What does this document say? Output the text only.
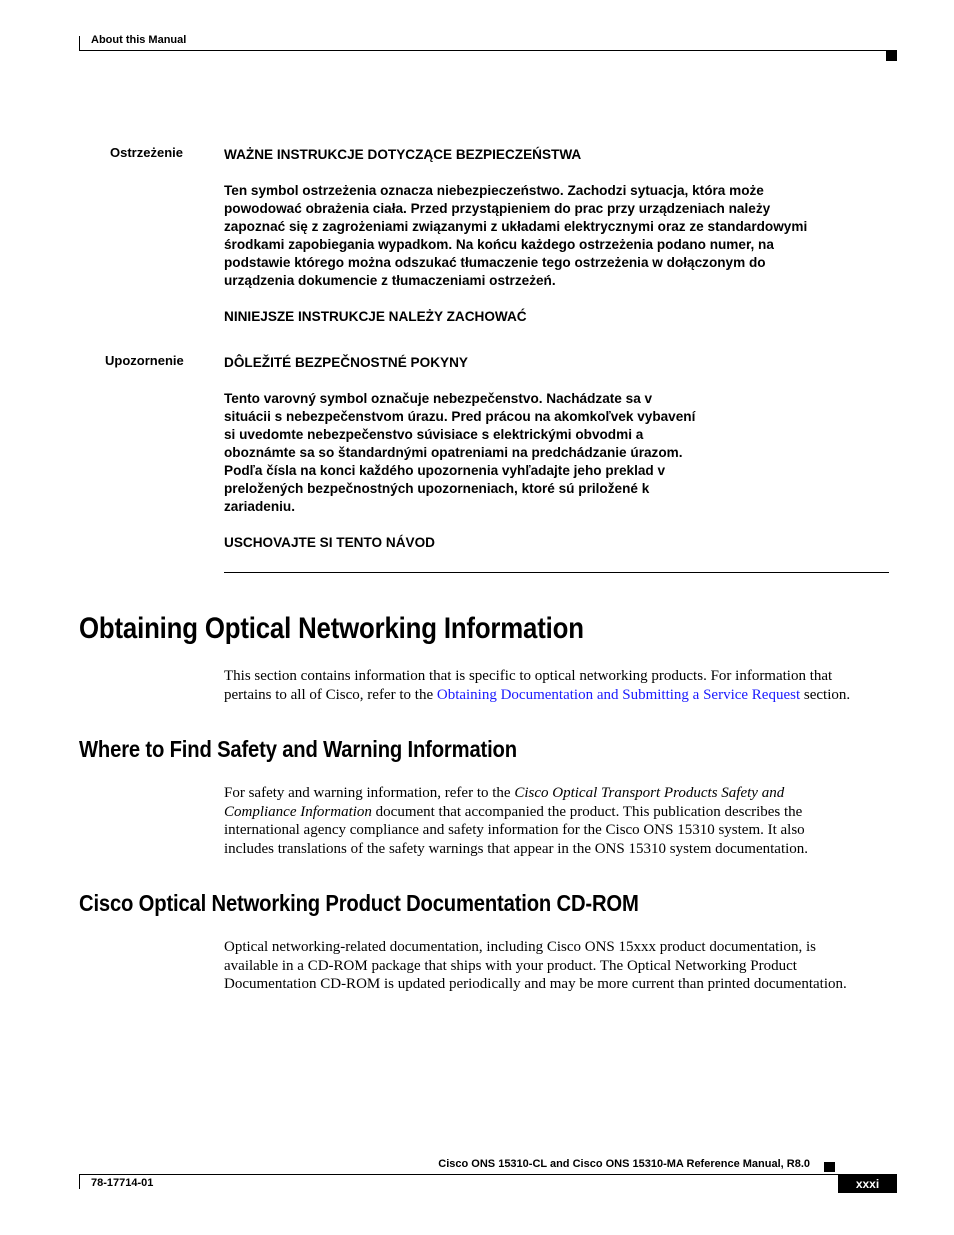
About this Manual
Ostrzeżenie	WAŻNE INSTRUKCJE DOTYCZĄCE BEZPIECZEŃSTWA

Ten symbol ostrzeżenia oznacza niebezpieczeństwo. Zachodzi sytuacja, która może

powodować obrażenia ciała. Przed przystąpieniem do prac przy urządzeniach należy

zapoznać się z zagrożeniami związanymi z układami elektrycznymi oraz ze standardowymi

środkami zapobiegania wypadkom. Na końcu każdego ostrzeżenia podano numer, na

podstawie którego można odszukać tłumaczenie tego ostrzeżenia w dołączonym do

urządzenia dokumencie z tłumaczeniami ostrzeżeń.

NINIEJSZE INSTRUKCJE NALEŻY ZACHOWAĆ

Upozornenie	DÔLEŽITÉ BEZPEČNOSTNÉ POKYNY

Tento varovný symbol označuje nebezpečenstvo. Nachádzate sa v

situácii s nebezpečenstvom úrazu. Pred prácou na akomkoľvek vybavení

si uvedomte nebezpečenstvo súvisiace s elektrickými obvodmi a

oboznámte sa so štandardnými opatreniami na predchádzanie úrazom.

Podľa čísla na konci každého upozornenia vyhľadajte jeho preklad v

preložených bezpečnostných upozorneniach, ktoré sú priložené k

zariadeniu.

USCHOVAJTE SI TENTO NÁVOD

Obtaining Optical Networking Information

This section contains information that is specific to optical networking products. For information that

pertains to all of Cisco, refer to the Obtaining Documentation and Submitting a Service Request section.

Where to Find Safety and Warning Information

For safety and warning information, refer to the Cisco Optical Transport Products Safety and

Compliance Information document that accompanied the product. This publication describes the

international agency compliance and safety information for the Cisco ONS 15310 system. It also

includes translations of the safety warnings that appear in the ONS 15310 system documentation.

Cisco Optical Networking Product Documentation CD-ROM

Optical networking-related documentation, including Cisco ONS 15xxx product documentation, is

available in a CD-ROM package that ships with your product. The Optical Networking Product

Documentation CD-ROM is updated periodically and may be more current than printed documentation.

Cisco ONS 15310-CL and Cisco ONS 15310-MA Reference Manual, R8.0
78-17714-01	xxxi
